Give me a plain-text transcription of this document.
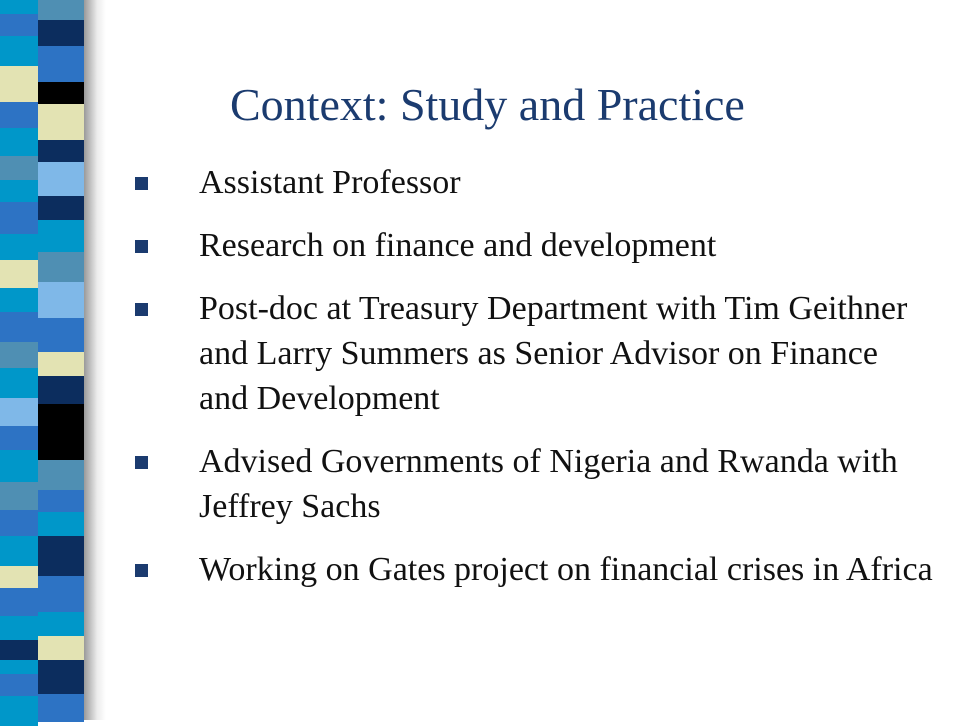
Context: Study and Practice
Assistant Professor
Research on finance and development
Post-doc at Treasury Department with Tim Geithner and Larry Summers as Senior Advisor on Finance and Development
Advised Governments of Nigeria and Rwanda with Jeffrey Sachs
Working on Gates project on financial crises in Africa
